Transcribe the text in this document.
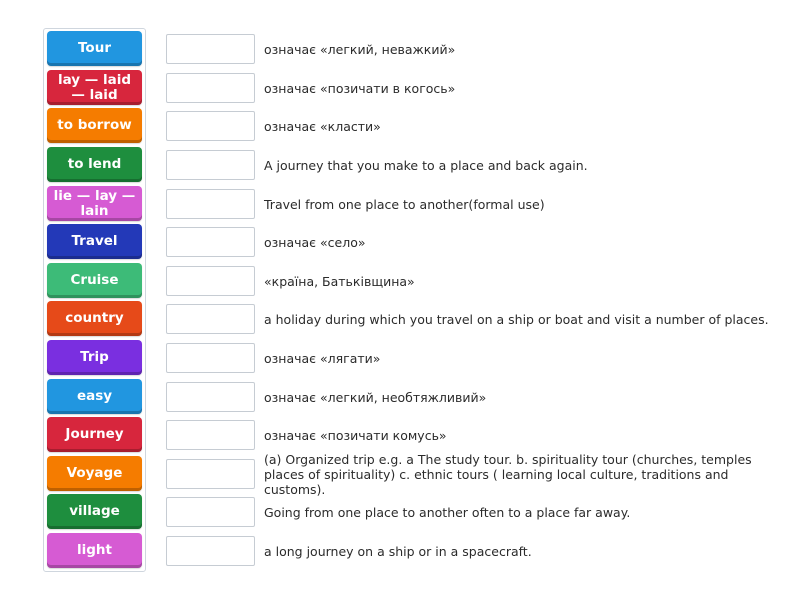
Tour
lay — laid — laid
to borrow
to lend
lie — lay — lain
Travel
Cruise
country
Trip
easy
Journey
Voyage
village
light
означає «легкий, неважкий»
означає «позичати в когось»
означає «класти»
A journey that you make to a place and back again.
Travel from one place to another(formal use)
означає «село»
«країна, Батьківщина»
a holiday during which you travel on a ship or boat and visit a number of places.
означає «лягати»
означає «легкий, необтяжливий»
означає «позичати комусь»
(a) Organized trip e.g. a The study tour. b. spirituality tour (churches, temples places of spirituality) c. ethnic tours ( learning local culture, traditions and customs).
Going from one place to another often to a place far away.
a long journey on a ship or in a spacecraft.
